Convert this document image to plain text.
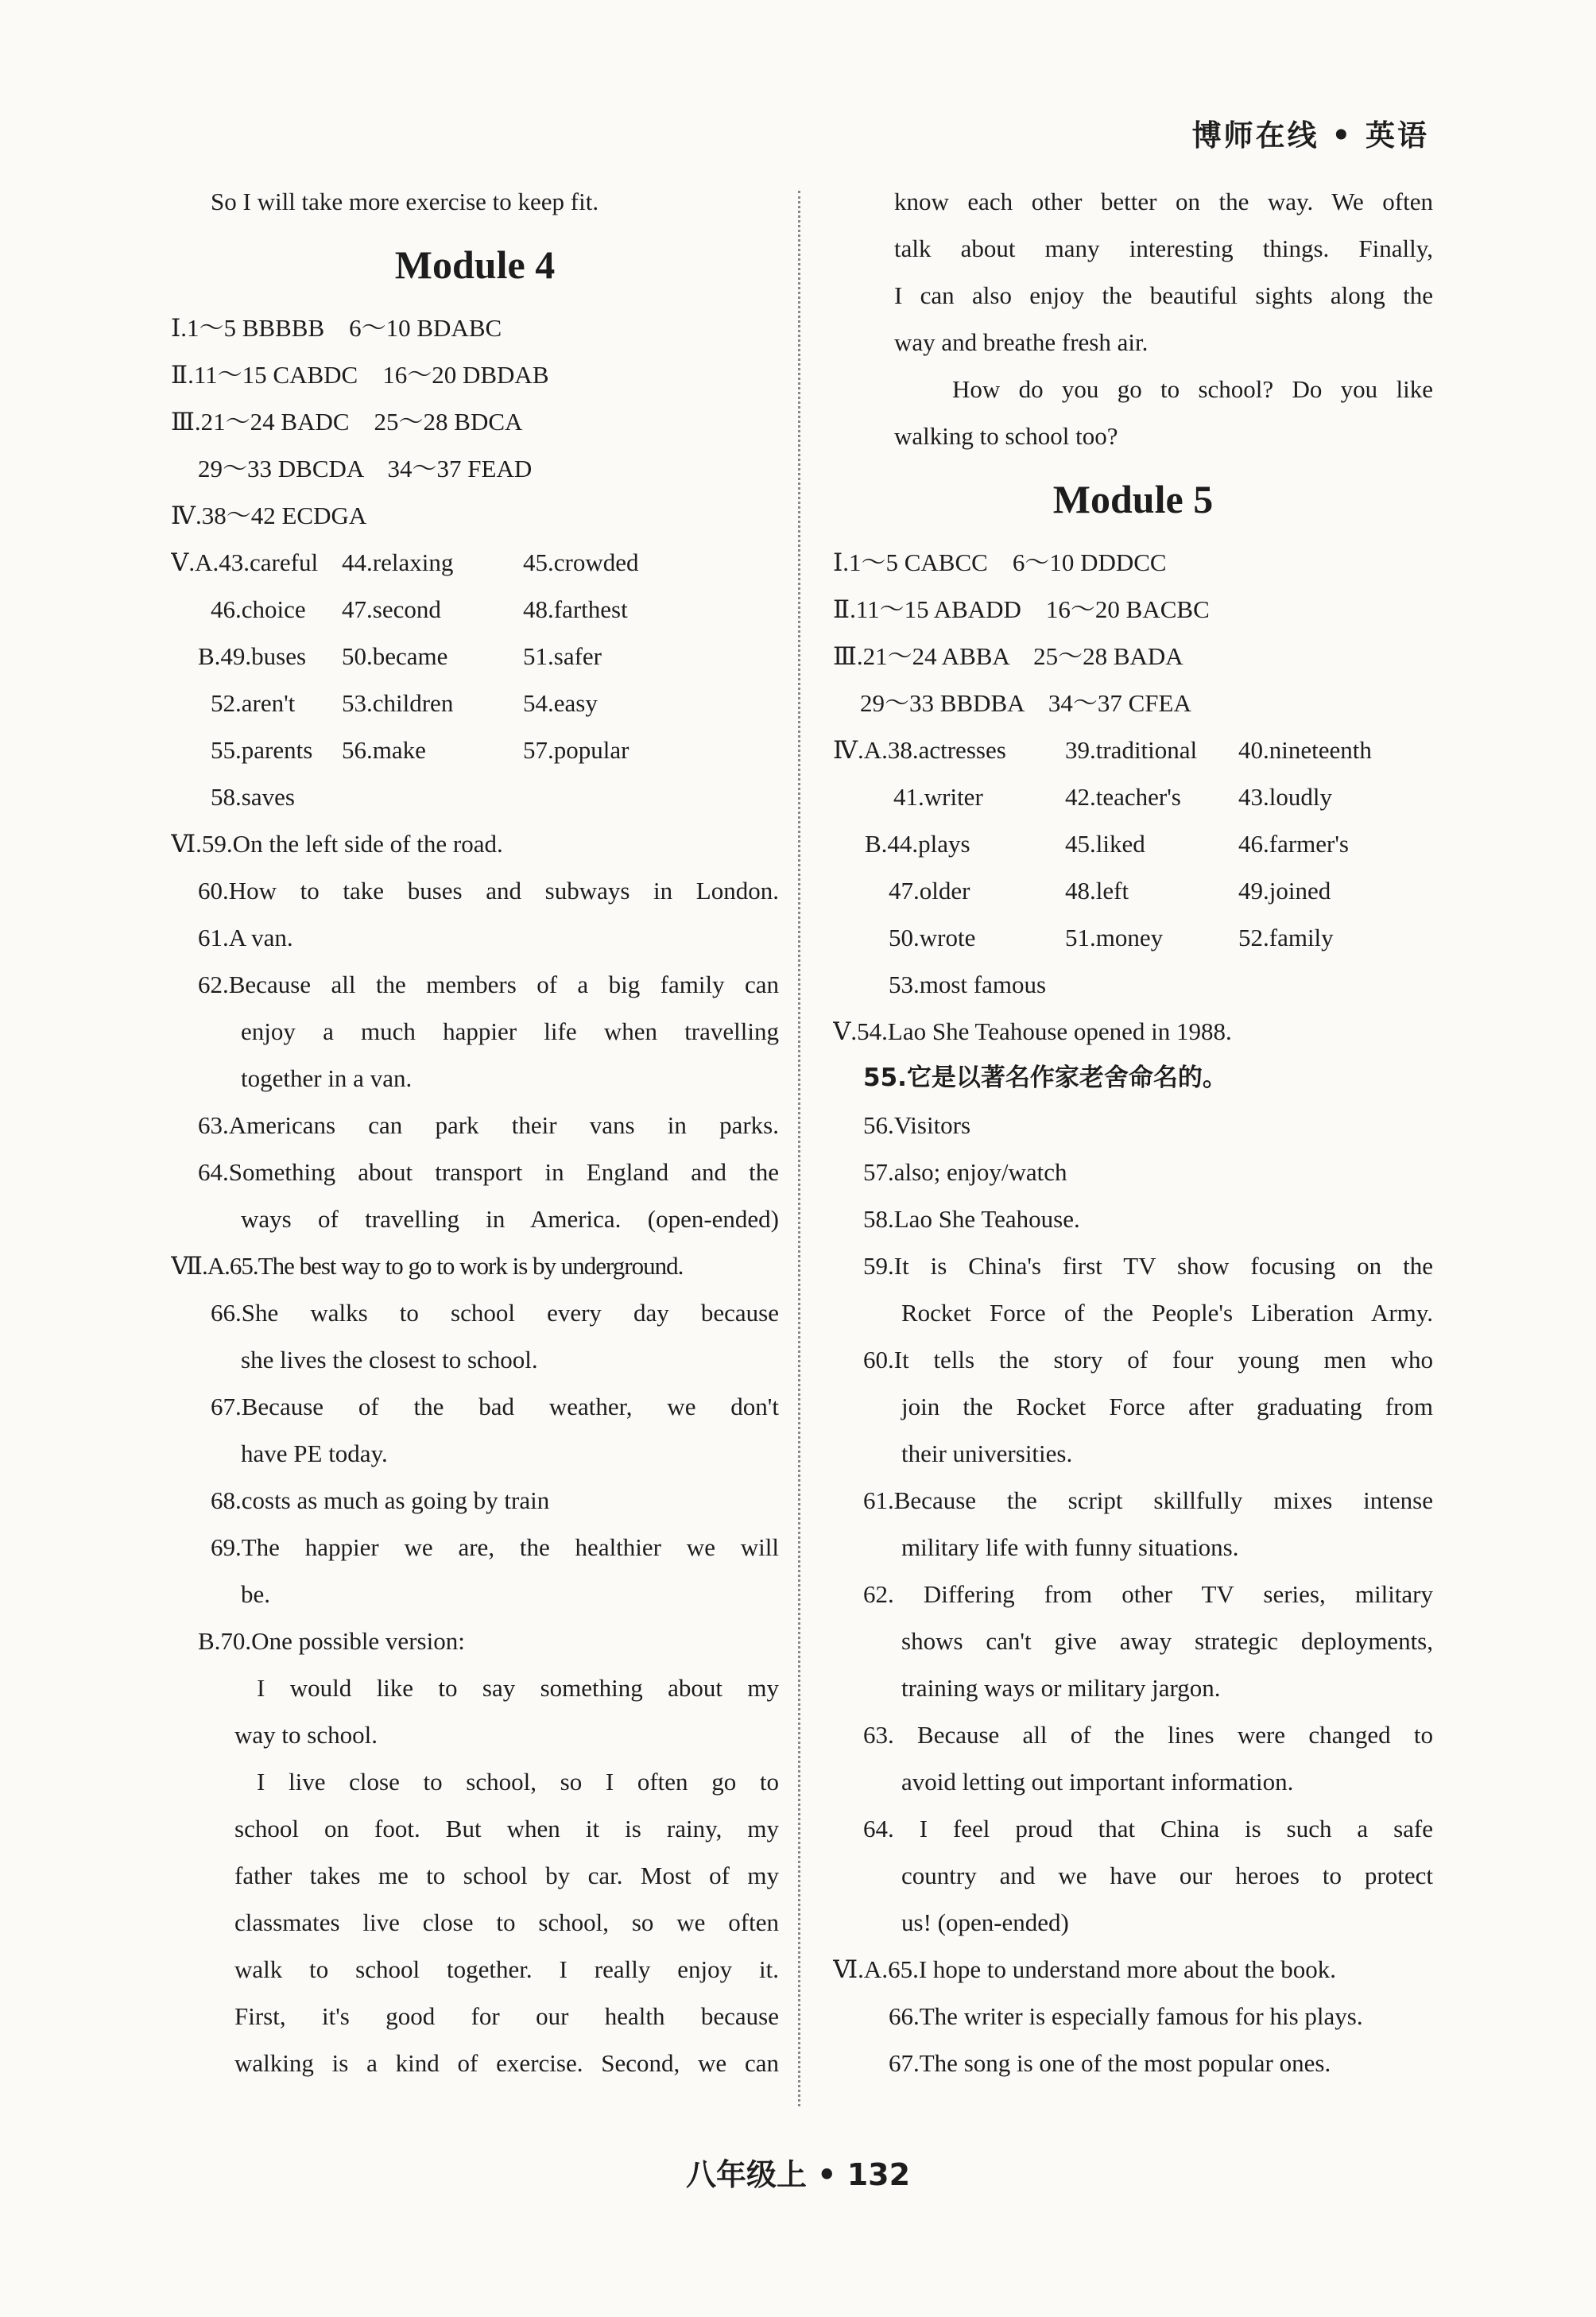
博师在线 • 英语
So I will take more exercise to keep fit.
Module 4
Ⅰ.1～5 BBBBB    6～10 BDABC
Ⅱ.11～15 CABDC    16～20 DBDAB
Ⅲ.21～24 BADC    25～28 BDCA
29～33 DBCDA    34～37 FEAD
Ⅳ.38～42 ECDGA
Ⅴ.A.43.careful 44.relaxing	45.crowded
46.choice	47.second	48.farthest
B.49.buses	50.became	51.safer
52.aren't	53.children	54.easy
55.parents	56.make	57.popular
58.saves
Ⅵ.59.On the left side of the road.
60.How to take buses and subways in London.
61.A van.
62.Because all the members of a big family can
enjoy a much happier life when travelling
together in a van.
63.Americans can park their vans in parks.
64.Something about transport in England and the
ways of travelling in America. (open-ended)
Ⅶ.A.65.The best way to go to work is by underground.
66.She walks to school every day because
she lives the closest to school.
67.Because of the bad weather, we don't
have PE today.
68.costs as much as going by train
69.The happier we are, the healthier we will
be.
B.70.One possible version:
I would like to say something about my
way to school.
I live close to school, so I often go to
school on foot. But when it is rainy, my
father takes me to school by car. Most of my
classmates live close to school, so we often
walk to school together. I really enjoy it.
First, it's good for our health because
walking is a kind of exercise. Second, we can
know each other better on the way. We often
talk about many interesting things. Finally,
I can also enjoy the beautiful sights along the
way and breathe fresh air.
How do you go to school? Do you like
walking to school too?
Module 5
Ⅰ.1～5 CABCC    6～10 DDDCC
Ⅱ.11～15 ABADD    16～20 BACBC
Ⅲ.21～24 ABBA    25～28 BADA
29～33 BBDBA    34～37 CFEA
Ⅳ.A.38.actresses	39.traditional	40.nineteenth
41.writer	42.teacher's	43.loudly
B.44.plays	45.liked	46.farmer's
47.older	48.left	49.joined
50.wrote	51.money	52.family
53.most famous
Ⅴ.54.Lao She Teahouse opened in 1988.
55.它是以著名作家老舍命名的。
56.Visitors
57.also; enjoy/watch
58.Lao She Teahouse.
59.It is China's first TV show focusing on the
Rocket Force of the People's Liberation Army.
60.It tells the story of four young men who
join the Rocket Force after graduating from
their universities.
61.Because the script skillfully mixes intense
military life with funny situations.
62. Differing from other TV series, military
shows can't give away strategic deployments,
training ways or military jargon.
63. Because all of the lines were changed to
avoid letting out important information.
64. I feel proud that China is such a safe
country and we have our heroes to protect
us! (open-ended)
Ⅵ.A.65.I hope to understand more about the book.
66.The writer is especially famous for his plays.
67.The song is one of the most popular ones.
八年级上 • 132
